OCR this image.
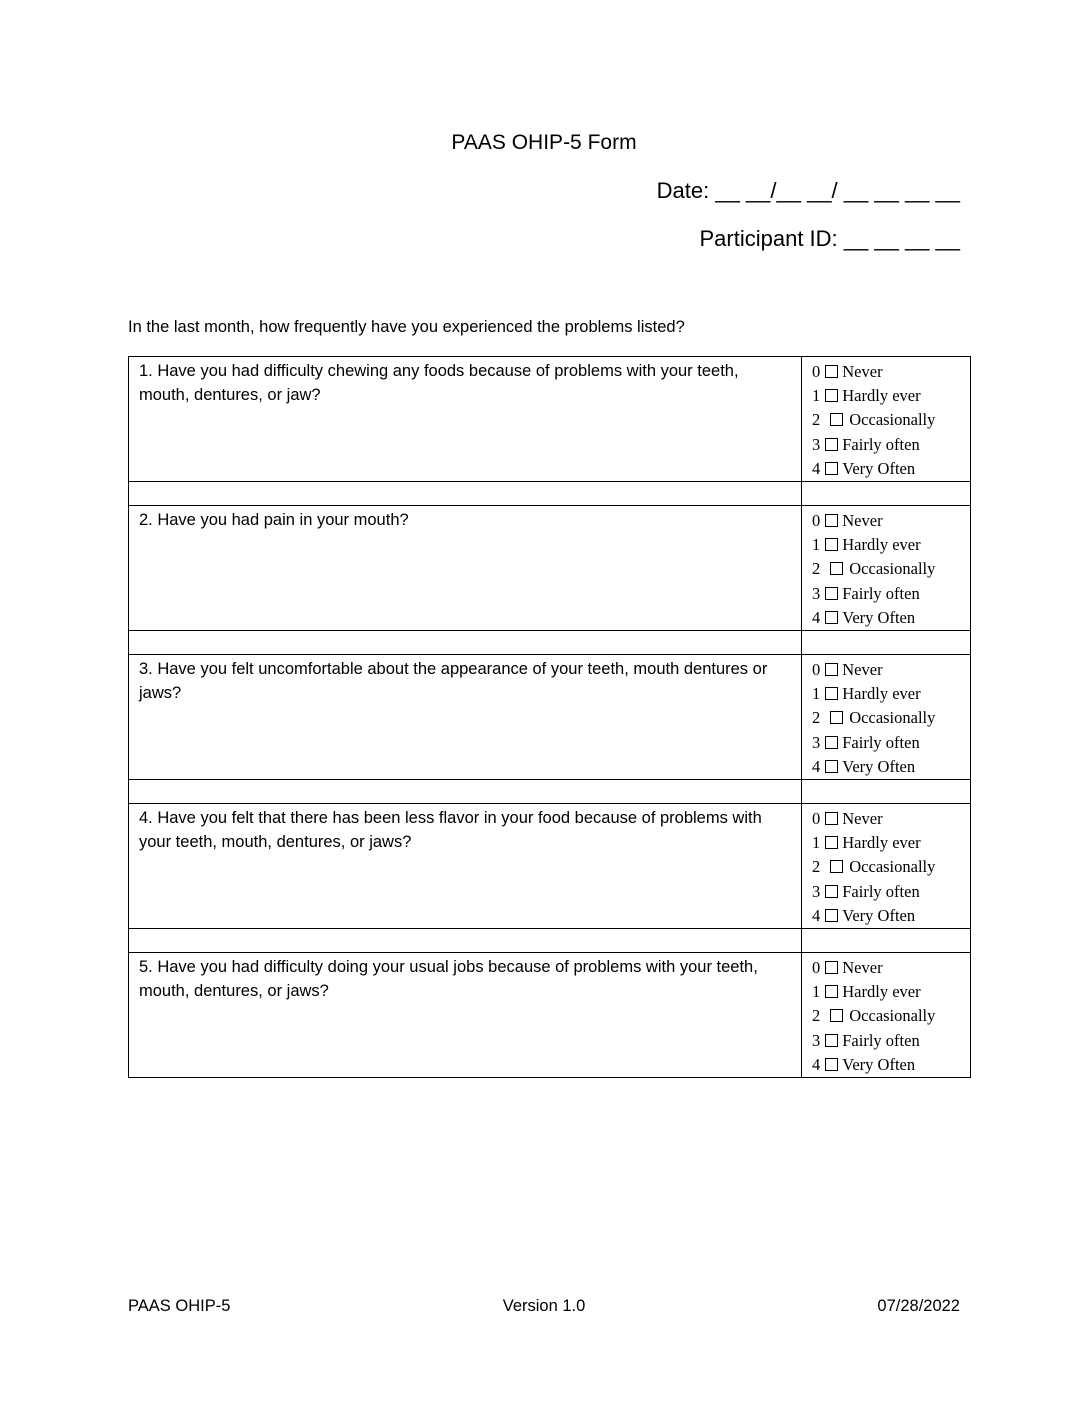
PAAS OHIP-5 Form
Date: __ __/__ __/ __ __ __ __
Participant ID: __ __ __ __
In the last month, how frequently have you experienced the problems listed?
1. Have you had difficulty chewing any foods because of problems with your teeth, mouth, dentures, or jaw?	0 Never
1 Hardly ever
2 Occasionally
3 Fairly often
4 Very Often

2. Have you had pain in your mouth?	0 Never
1 Hardly ever
2 Occasionally
3 Fairly often
4 Very Often

3. Have you felt uncomfortable about the appearance of your teeth, mouth dentures or jaws?	0 Never
1 Hardly ever
2 Occasionally
3 Fairly often
4 Very Often

4. Have you felt that there has been less flavor in your food because of problems with your teeth, mouth, dentures, or jaws?	0 Never
1 Hardly ever
2 Occasionally
3 Fairly often
4 Very Often

5. Have you had difficulty doing your usual jobs because of problems with your teeth, mouth, dentures, or jaws?	0 Never
1 Hardly ever
2 Occasionally
3 Fairly often
4 Very Often
PAAS OHIP-5	Version 1.0	07/28/2022
